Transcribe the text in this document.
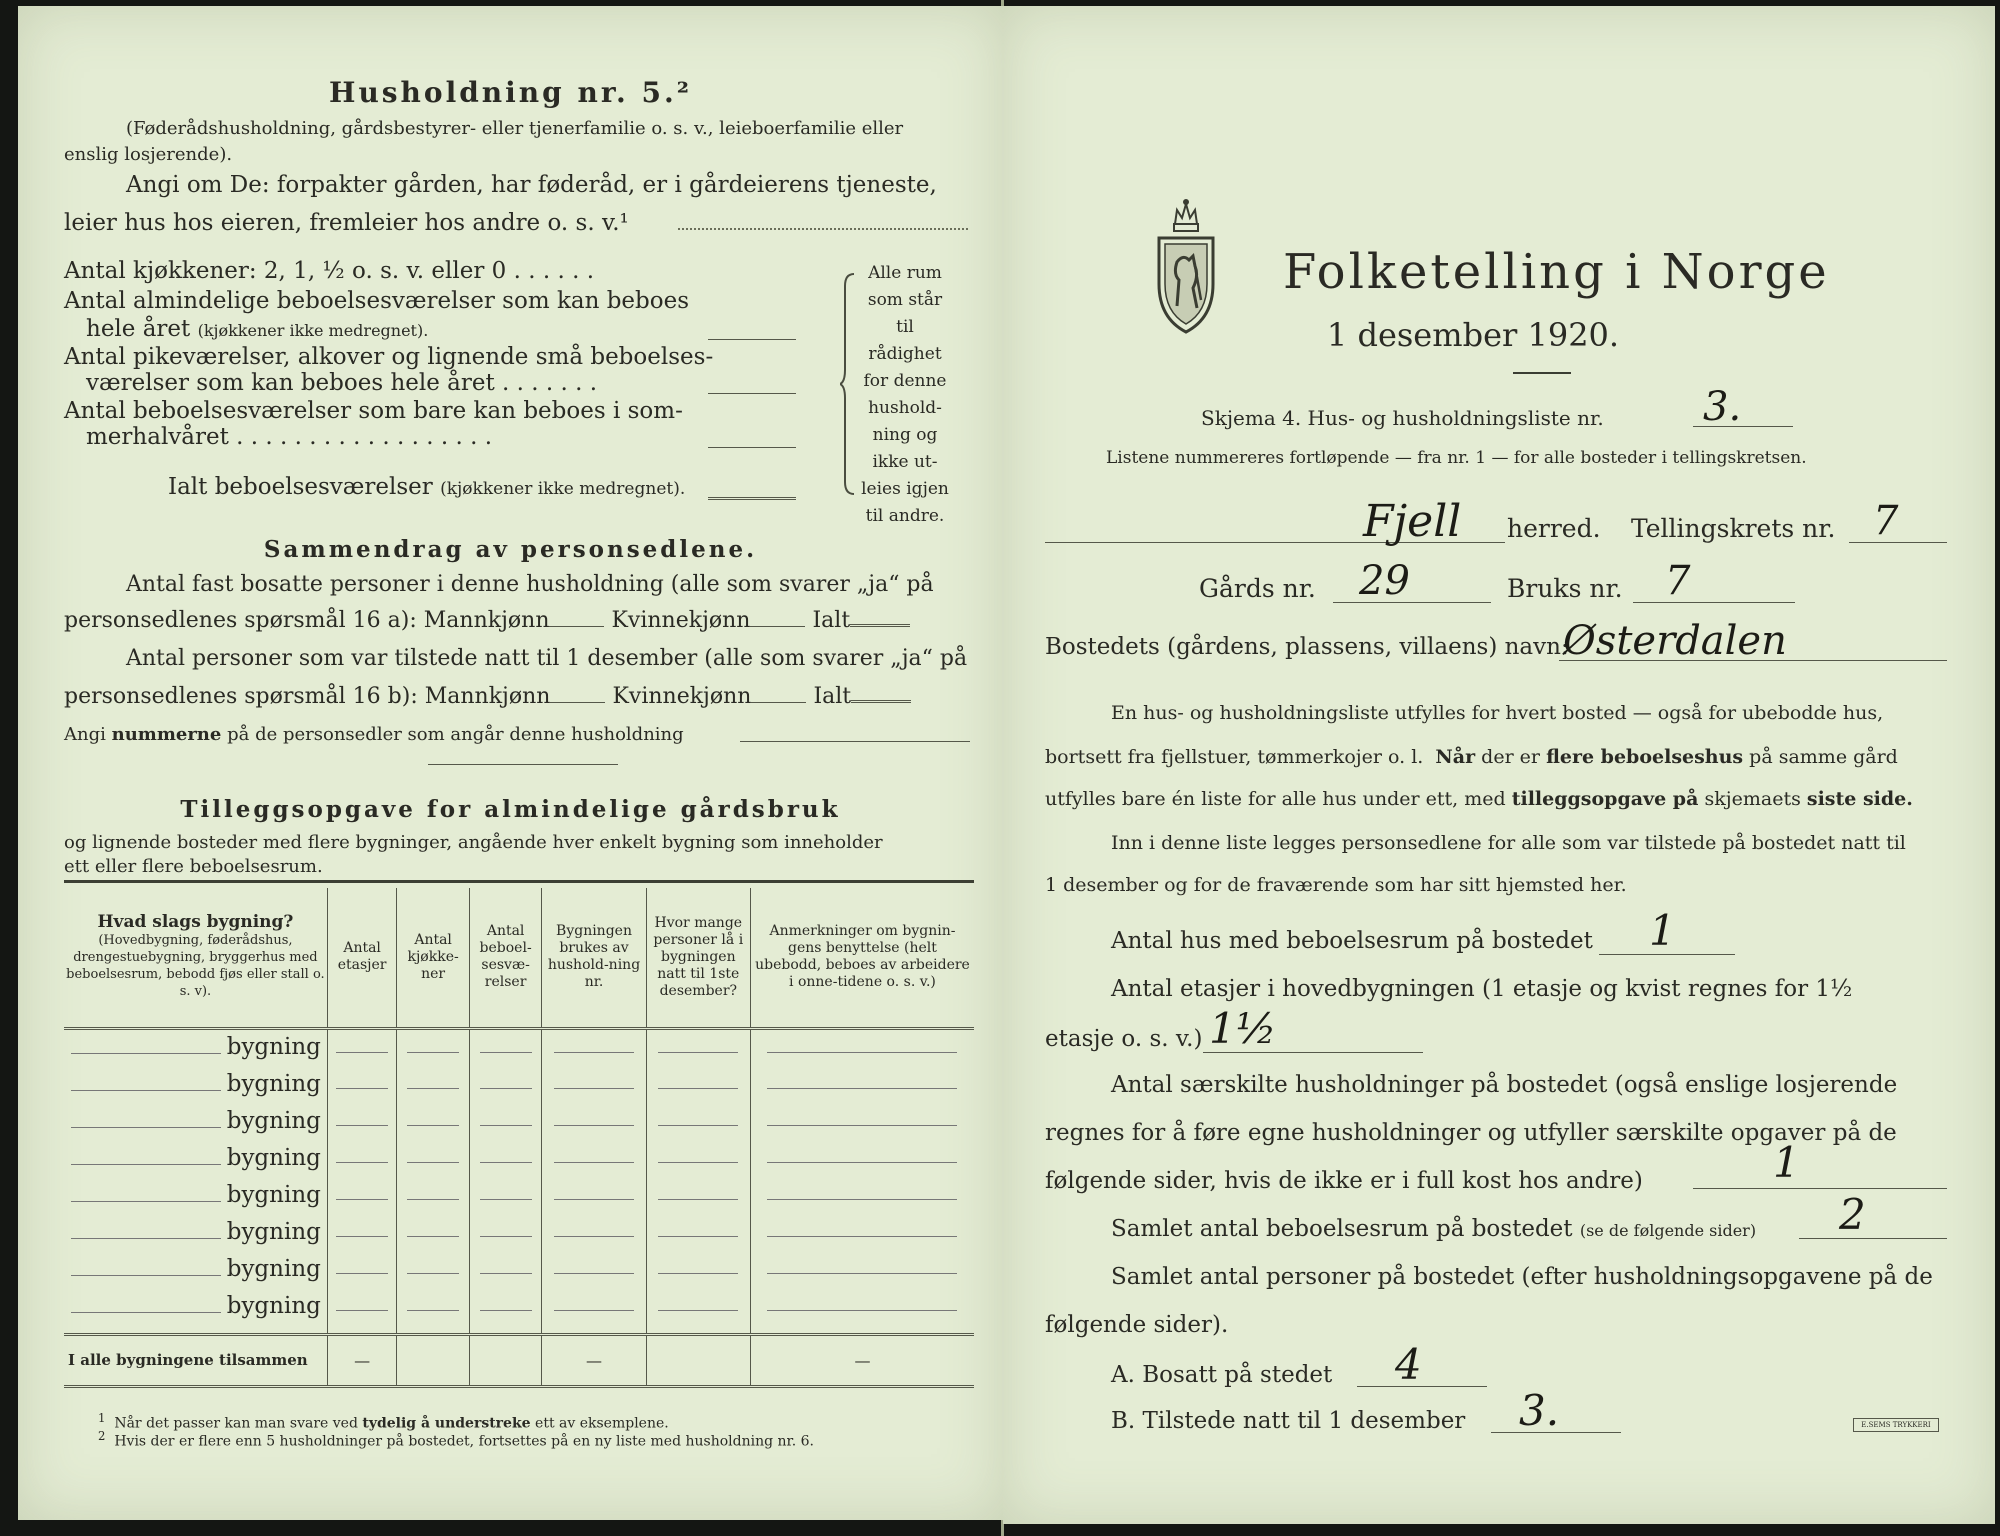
Husholdning nr. 5.²
(Føderådshusholdning, gårdsbestyrer- eller tjenerfamilie o. s. v., leieboerfamilie eller
enslig losjerende).
Angi om De: forpakter gården, har føderåd, er i gårdeierens tjeneste,
leier hus hos eieren, fremleier hos andre o. s. v.¹
Antal kjøkkener: 2, 1, ½ o. s. v. eller 0 . . . . . .
Antal almindelige beboelsesværelser som kan beboes
hele året (kjøkkener ikke medregnet).
Antal pikeværelser, alkover og lignende små beboelses-
værelser som kan beboes hele året . . . . . . .
Antal beboelsesværelser som bare kan beboes i som-
merhalvåret . . . . . . . . . . . . . . . . . .
Ialt beboelsesværelser (kjøkkener ikke medregnet).
Alle rum
som står til
rådighet
for denne
hushold-
ning og
ikke ut-
leies igjen
til andre.
Sammendrag av personsedlene.
Antal fast bosatte personer i denne husholdning (alle som svarer „ja“ på
personsedlenes spørsmål 16 a): Mannkjønn	Kvinnekjønn	Ialt
Antal personer som var tilstede natt til 1 desember (alle som svarer „ja“ på
personsedlenes spørsmål 16 b): Mannkjønn	Kvinnekjønn	Ialt
Angi nummerne på de personsedler som angår denne husholdning
Tilleggsopgave for almindelige gårdsbruk
og lignende bosteder med flere bygninger, angående hver enkelt bygning som inneholder
ett eller flere beboelsesrum.
Hvad slags bygning?
(Hovedbygning, føderådshus, drengestuebygning, bryggerhus med beboelsesrum, bebodd fjøs eller stall o. s. v).	Antal etasjer	Antal kjøkke-ner	Antal beboel-sesvæ-relser	Bygningen brukes av hushold-ning nr.	Hvor mange personer lå i bygningen natt til 1ste desember?	Anmerkninger om bygnin-gens benyttelse (helt ubebodd, beboes av arbeidere i onne-tidene o. s. v.)
bygning						
bygning						
bygning						
bygning						
bygning						
bygning						
bygning						
bygning						

I alle bygningene tilsammen	—			—		—
$^1$ Når det passer kan man svare ved tydelig å understreke ett av eksemplene.
$^2$ Hvis der er flere enn 5 husholdninger på bostedet, fortsettes på en ny liste med husholdning nr. 6.
Folketelling i Norge
1 desember 1920.
Skjema 4. Hus- og husholdningsliste nr. 3.
Listene nummereres fortløpende — fra nr. 1 — for alle bosteder i tellingskretsen.
Fjell herred. Tellingskrets nr. 7
Gårds nr. 29	Bruks nr. 7
Bostedets (gårdens, plassens, villaens) navn:
Østerdalen
En hus- og husholdningsliste utfylles for hvert bosted — også for ubebodde hus,
bortsett fra fjellstuer, tømmerkojer o. l. Når der er flere beboelseshus på samme gård
utfylles bare én liste for alle hus under ett, med tilleggsopgave på skjemaets siste side.
Inn i denne liste legges personsedlene for alle som var tilstede på bostedet natt til
1 desember og for de fraværende som har sitt hjemsted her.
Antal hus med beboelsesrum på bostedet 1
Antal etasjer i hovedbygningen (1 etasje og kvist regnes for 1½
etasje o. s. v.) 1½
Antal særskilte husholdninger på bostedet (også enslige losjerende
regnes for å føre egne husholdninger og utfyller særskilte opgaver på de
følgende sider, hvis de ikke er i full kost hos andre)	1
Samlet antal beboelsesrum på bostedet (se de følgende sider) 2
Samlet antal personer på bostedet (efter husholdningsopgavene på de
følgende sider).
A. Bosatt på stedet 4
B. Tilstede natt til 1 desember 3.	E.SEMS TRYKKERI
